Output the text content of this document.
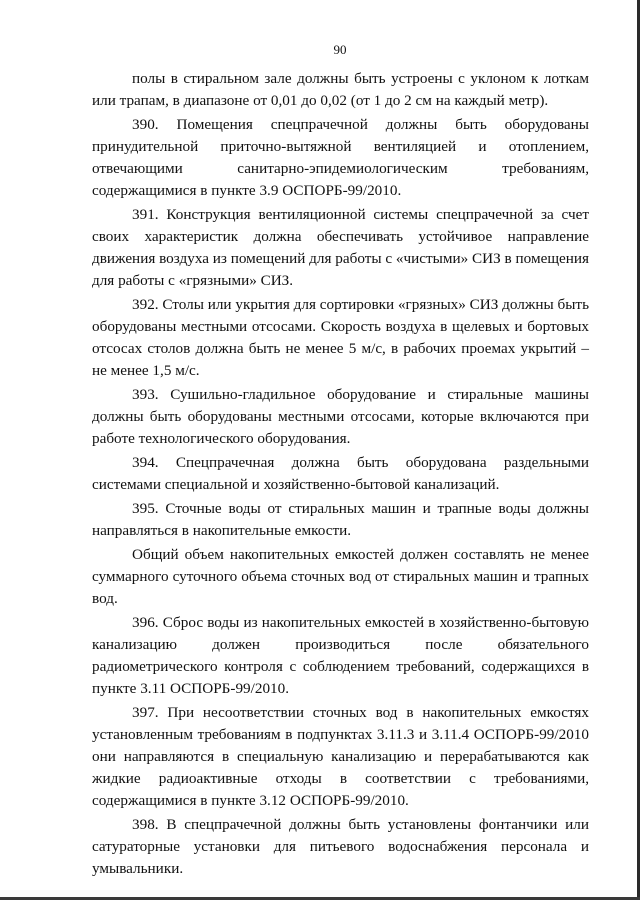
90

полы в стиральном зале должны быть устроены с уклоном к лоткам или трапам, в диапазоне от 0,01 до 0,02 (от 1 до 2 см на каждый метр).

390. Помещения спецпрачечной должны быть оборудованы принудительной приточно-вытяжной вентиляцией и отоплением, отвечающими санитарно-эпидемиологическим требованиям, содержащимися в пункте 3.9 ОСПОРБ-99/2010.

391. Конструкция вентиляционной системы спецпрачечной за счет своих характеристик должна обеспечивать устойчивое направление движения воздуха из помещений для работы с «чистыми» СИЗ в помещения для работы с «грязными» СИЗ.

392. Столы или укрытия для сортировки «грязных» СИЗ должны быть оборудованы местными отсосами. Скорость воздуха в щелевых и бортовых отсосах столов должна быть не менее 5 м/с, в рабочих проемах укрытий – не менее 1,5 м/с.

393. Сушильно-гладильное оборудование и стиральные машины должны быть оборудованы местными отсосами, которые включаются при работе технологического оборудования.

394. Спецпрачечная должна быть оборудована раздельными системами специальной и хозяйственно-бытовой канализаций.

395. Сточные воды от стиральных машин и трапные воды должны направляться в накопительные емкости.

Общий объем накопительных емкостей должен составлять не менее суммарного суточного объема сточных вод от стиральных машин и трапных вод.

396. Сброс воды из накопительных емкостей в хозяйственно-бытовую канализацию должен производиться после обязательного радиометрического контроля с соблюдением требований, содержащихся в пункте 3.11 ОСПОРБ-99/2010.

397. При несоответствии сточных вод в накопительных емкостях установленным требованиям в подпунктах 3.11.3 и 3.11.4 ОСПОРБ-99/2010 они направляются в специальную канализацию и перерабатываются как жидкие радиоактивные отходы в соответствии с требованиями, содержащимися в пункте 3.12 ОСПОРБ-99/2010.

398. В спецпрачечной должны быть установлены фонтанчики или сатураторные установки для питьевого водоснабжения персонала и умывальники.
